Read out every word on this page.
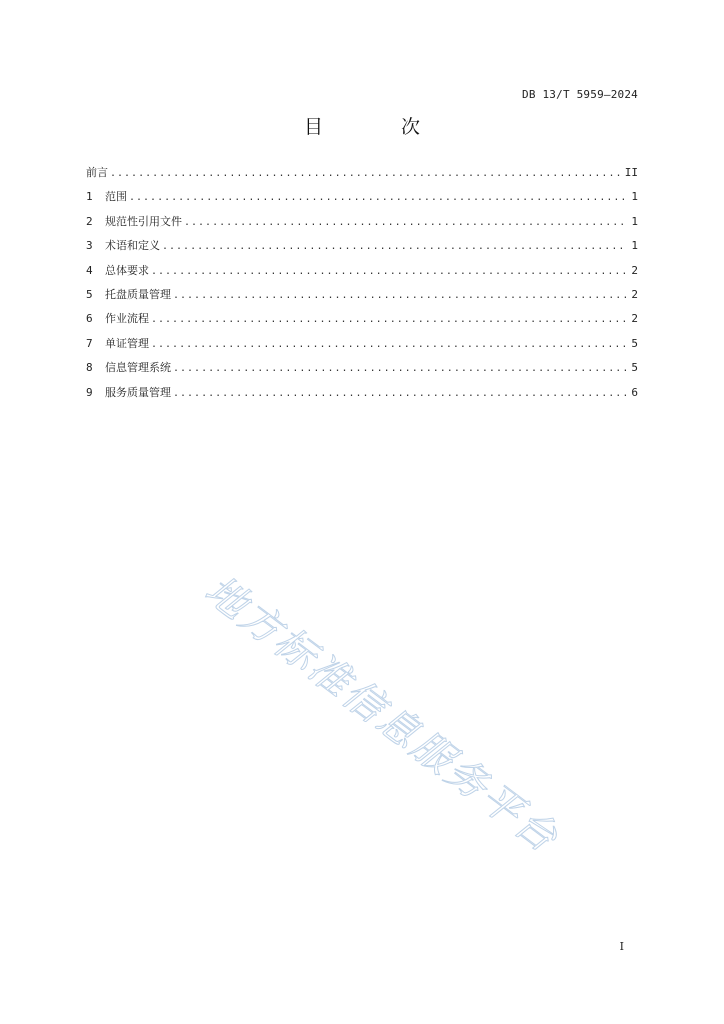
DB 13/T 5959—2024
目 次
前言 .....	II
1	范围 .....	1
2	规范性引用文件 .....	1
3	术语和定义 .....	1
4	总体要求 .....	2
5	托盘质量管理 .....	2
6	作业流程 .....	2
7	单证管理 .....	5
8	信息管理系统 .....	5
9	服务质量管理 .....	6
地方标准信息服务平台
I
